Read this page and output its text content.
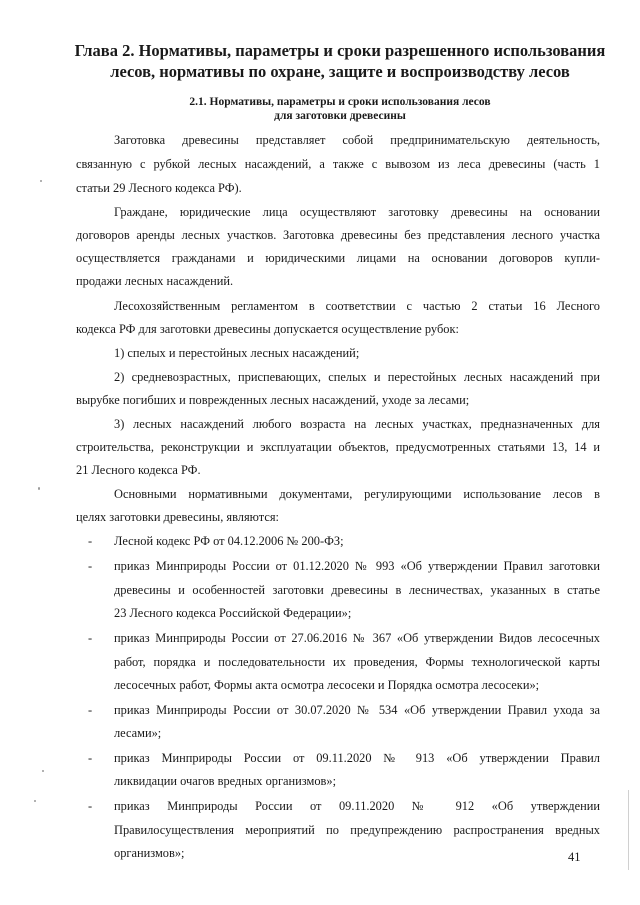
Глава 2. Нормативы, параметры и сроки разрешенного использования
лесов, нормативы по охране, защите и воспроизводству лесов
2.1. Нормативы, параметры и сроки использования лесов
для заготовки древесины
Заготовка древесины представляет собой предпринимательскую деятельность,
связанную с рубкой лесных насаждений, а также с вывозом из леса древесины (часть 1
статьи 29 Лесного кодекса РФ).
Граждане, юридические лица осуществляют заготовку древесины на основании
договоров аренды лесных участков. Заготовка древесины без представления лесного участка
осуществляется гражданами и юридическими лицами на основании договоров купли-
продажи лесных насаждений.
Лесохозяйственным регламентом в соответствии с частью 2 статьи 16 Лесного
кодекса РФ для заготовки древесины допускается осуществление рубок:
1) спелых и перестойных лесных насаждений;
2) средневозрастных, приспевающих, спелых и перестойных лесных насаждений при
вырубке погибших и поврежденных лесных насаждений, уходе за лесами;
3) лесных насаждений любого возраста на лесных участках, предназначенных для
строительства, реконструкции и эксплуатации объектов, предусмотренных статьями 13, 14 и
21 Лесного кодекса РФ.
Основными нормативными документами, регулирующими использование лесов в
целях заготовки древесины, являются:
- Лесной кодекс РФ от 04.12.2006 № 200-ФЗ;
- приказ Минприроды России от 01.12.2020 № 993 «Об утверждении Правил заготовки
древесины и особенностей заготовки древесины в лесничествах, указанных в статье
23 Лесного кодекса Российской Федерации»;
- приказ Минприроды России от 27.06.2016 № 367 «Об утверждении Видов лесосечных
работ, порядка и последовательности их проведения, Формы технологической карты
лесосечных работ, Формы акта осмотра лесосеки и Порядка осмотра лесосеки»;
- приказ Минприроды России от 30.07.2020 № 534 «Об утверждении Правил ухода за
лесами»;
- приказ Минприроды России от 09.11.2020 № 913 «Об утверждении Правил
ликвидации очагов вредных организмов»;
- приказ Минприроды России от 09.11.2020 № 912 «Об утверждении
Правилосуществления мероприятий по предупреждению распространения вредных
организмов»;	41
